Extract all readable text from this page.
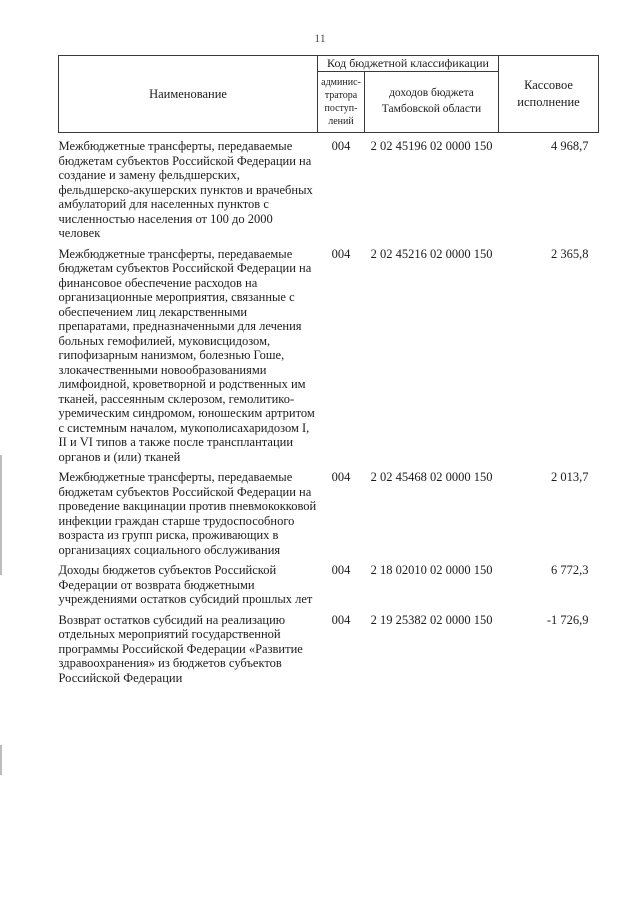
11
Наименование	Код бюджетной классификации		Кассовое исполнение
	админис-тратора поступ-лений	доходов бюджета Тамбовской области	
Межбюджетные трансферты, передаваемые бюджетам субъектов Российской Федерации на создание и замену фельдшерских, фельдшерско-акушерских пунктов и врачебных амбулаторий для населенных пунктов с численностью населения от 100 до 2000 человек	004	2 02 45196 02 0000 150	4 968,7
Межбюджетные трансферты, передаваемые бюджетам субъектов Российской Федерации на финансовое обеспечение расходов на организационные мероприятия, связанные с обеспечением лиц лекарственными препаратами, предназначенными для лечения больных гемофилией, муковисцидозом, гипофизарным нанизмом, болезнью Гоше, злокачественными новообразованиями лимфоидной, кроветворной и родственных им тканей, рассеянным склерозом, гемолитико-уремическим синдромом, юношеским артритом с системным началом, мукополисахаридозом I, II и VI типов а также после трансплантации органов и (или) тканей	004	2 02 45216 02 0000 150	2 365,8
Межбюджетные трансферты, передаваемые бюджетам субъектов Российской Федерации на проведение вакцинации против пневмококковой инфекции граждан старше трудоспособного возраста из групп риска, проживающих в организациях социального обслуживания	004	2 02 45468 02 0000 150	2 013,7
Доходы бюджетов субъектов Российской Федерации от возврата бюджетными учреждениями остатков субсидий прошлых лет	004	2 18 02010 02 0000 150	6 772,3
Возврат остатков субсидий на реализацию отдельных мероприятий государственной программы Российской Федерации «Развитие здравоохранения» из бюджетов субъектов Российской Федерации	004	2 19 25382 02 0000 150	-1 726,9
